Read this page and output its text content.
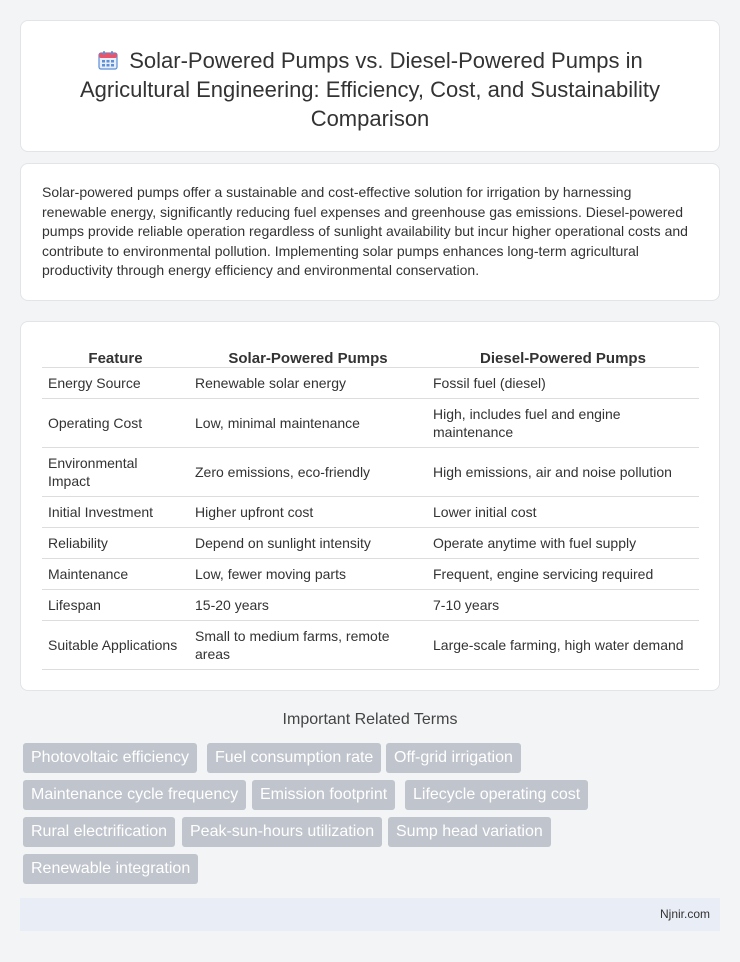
Solar-Powered Pumps vs. Diesel-Powered Pumps in Agricultural Engineering: Efficiency, Cost, and Sustainability Comparison

Solar-powered pumps offer a sustainable and cost-effective solution for irrigation by harnessing renewable energy, significantly reducing fuel expenses and greenhouse gas emissions. Diesel-powered pumps provide reliable operation regardless of sunlight availability but incur higher operational costs and contribute to environmental pollution. Implementing solar pumps enhances long-term agricultural productivity through energy efficiency and environmental conservation.

Feature	Solar-Powered Pumps	Diesel-Powered Pumps
Energy Source	Renewable solar energy	Fossil fuel (diesel)
Operating Cost	Low, minimal maintenance	High, includes fuel and engine maintenance
Environmental Impact	Zero emissions, eco-friendly	High emissions, air and noise pollution
Initial Investment	Higher upfront cost	Lower initial cost
Reliability	Depend on sunlight intensity	Operate anytime with fuel supply
Maintenance	Low, fewer moving parts	Frequent, engine servicing required
Lifespan	15-20 years	7-10 years
Suitable Applications	Small to medium farms, remote areas	Large-scale farming, high water demand
Important Related Terms
Photovoltaic efficiency	Fuel consumption rate	Off-grid irrigation
Maintenance cycle frequency	Emission footprint	Lifecycle operating cost
Rural electrification	Peak-sun-hours utilization	Sump head variation
Renewable integration
Njnir.com
